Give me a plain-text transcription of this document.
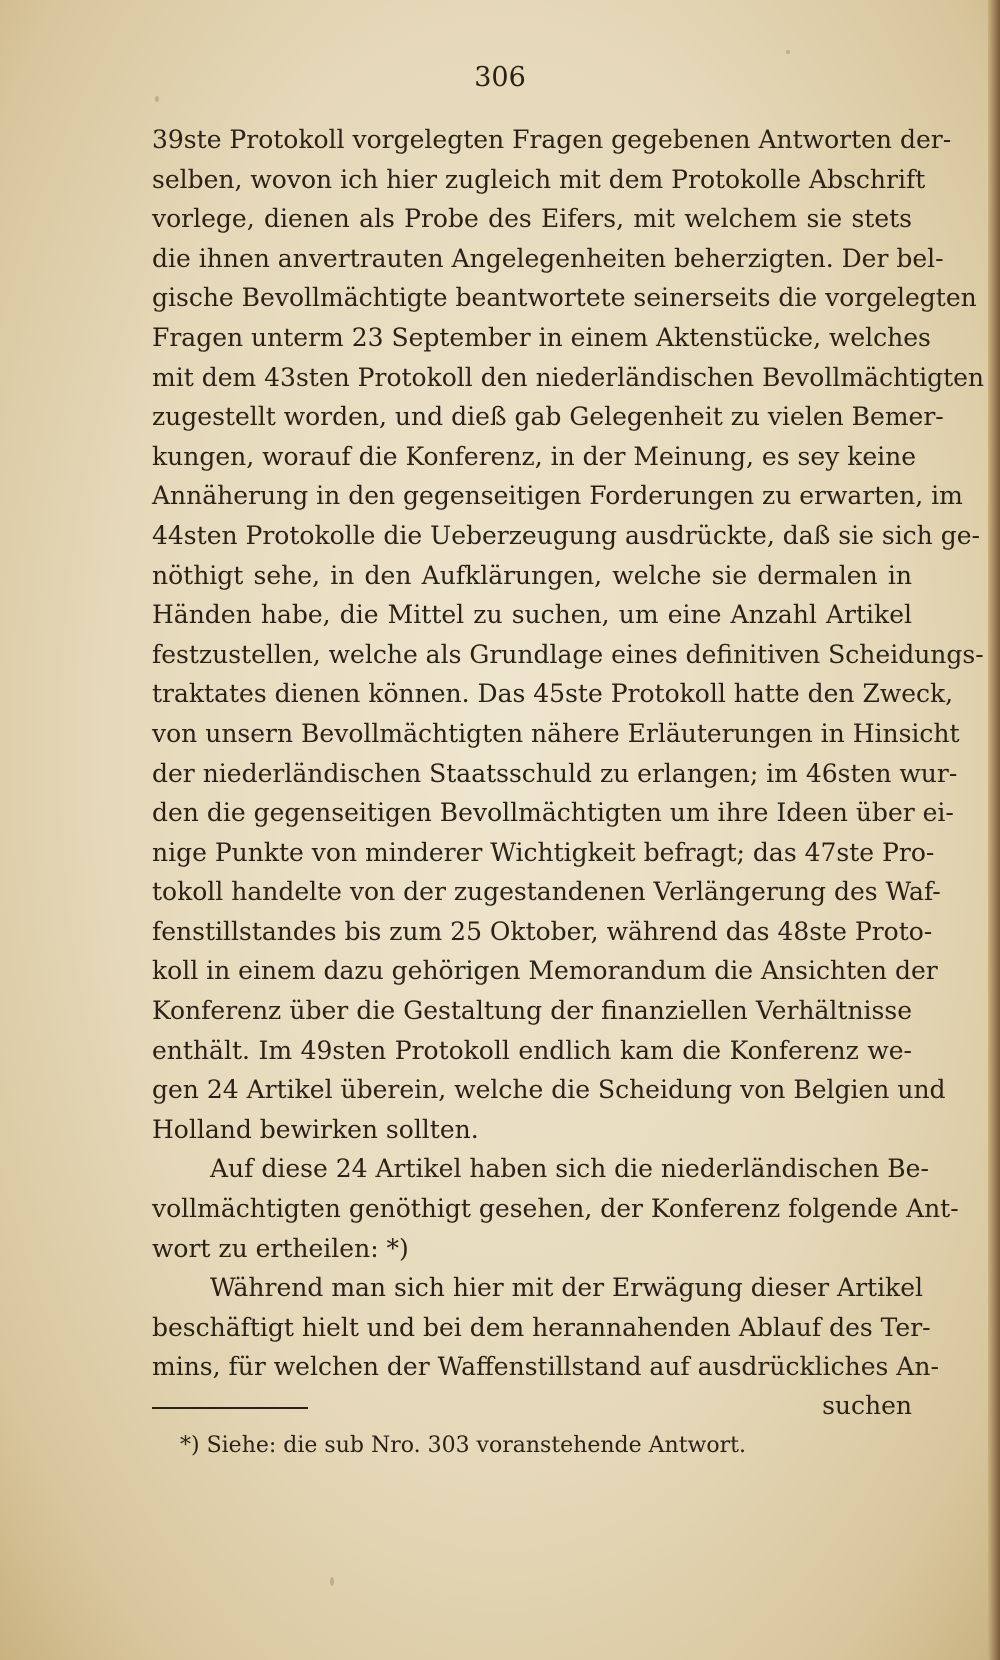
306
39ste Protokoll vorgelegten Fragen gegebenen Antworten der-
selben, wovon ich hier zugleich mit dem Protokolle Abschrift
vorlege, dienen als Probe des Eifers, mit welchem sie stets
die ihnen anvertrauten Angelegenheiten beherzigten. Der bel-
gische Bevollmächtigte beantwortete seinerseits die vorgelegten
Fragen unterm 23 September in einem Aktenstücke, welches
mit dem 43sten Protokoll den niederländischen Bevollmächtigten
zugestellt worden, und dieß gab Gelegenheit zu vielen Bemer-
kungen, worauf die Konferenz, in der Meinung, es sey keine
Annäherung in den gegenseitigen Forderungen zu erwarten, im
44sten Protokolle die Ueberzeugung ausdrückte, daß sie sich ge-
nöthigt sehe, in den Aufklärungen, welche sie dermalen in
Händen habe, die Mittel zu suchen, um eine Anzahl Artikel
festzustellen, welche als Grundlage eines definitiven Scheidungs-
traktates dienen können. Das 45ste Protokoll hatte den Zweck,
von unsern Bevollmächtigten nähere Erläuterungen in Hinsicht
der niederländischen Staatsschuld zu erlangen; im 46sten wur-
den die gegenseitigen Bevollmächtigten um ihre Ideen über ei-
nige Punkte von minderer Wichtigkeit befragt; das 47ste Pro-
tokoll handelte von der zugestandenen Verlängerung des Waf-
fenstillstandes bis zum 25 Oktober, während das 48ste Proto-
koll in einem dazu gehörigen Memorandum die Ansichten der
Konferenz über die Gestaltung der finanziellen Verhältnisse
enthält. Im 49sten Protokoll endlich kam die Konferenz we-
gen 24 Artikel überein, welche die Scheidung von Belgien und
Holland bewirken sollten.
Auf diese 24 Artikel haben sich die niederländischen Be-
vollmächtigten genöthigt gesehen, der Konferenz folgende Ant-
wort zu ertheilen: *)
Während man sich hier mit der Erwägung dieser Artikel
beschäftigt hielt und bei dem herannahenden Ablauf des Ter-
mins, für welchen der Waffenstillstand auf ausdrückliches An-
suchen
*) Siehe: die sub Nro. 303 voranstehende Antwort.
